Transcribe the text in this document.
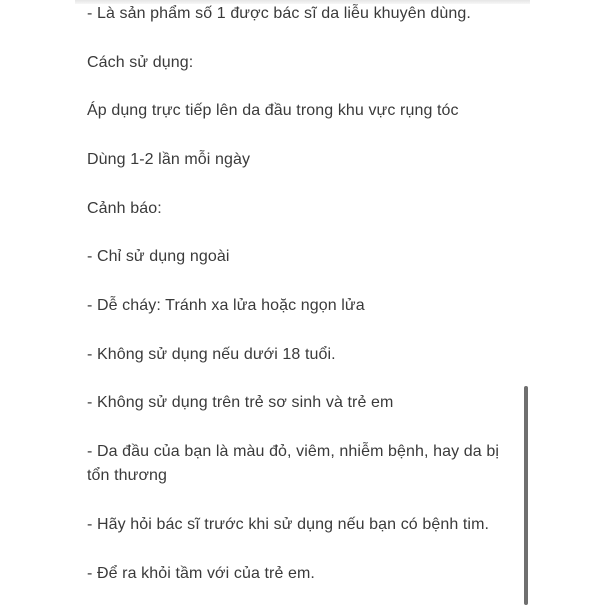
- Là sản phẩm số 1 được bác sĩ da liễu khuyên dùng.
Cách sử dụng:
Áp dụng trực tiếp lên da đầu trong khu vực rụng tóc
Dùng 1-2 lần mỗi ngày
Cảnh báo:
- Chỉ sử dụng ngoài
- Dễ cháy: Tránh xa lửa hoặc ngọn lửa
- Không sử dụng nếu dưới 18 tuổi.
- Không sử dụng trên trẻ sơ sinh và trẻ em
- Da đầu của bạn là màu đỏ, viêm, nhiễm bệnh, hay da bị tổn thương
- Hãy hỏi bác sĩ trước khi sử dụng nếu bạn có bệnh tim.
- Để ra khỏi tầm với của trẻ em.
